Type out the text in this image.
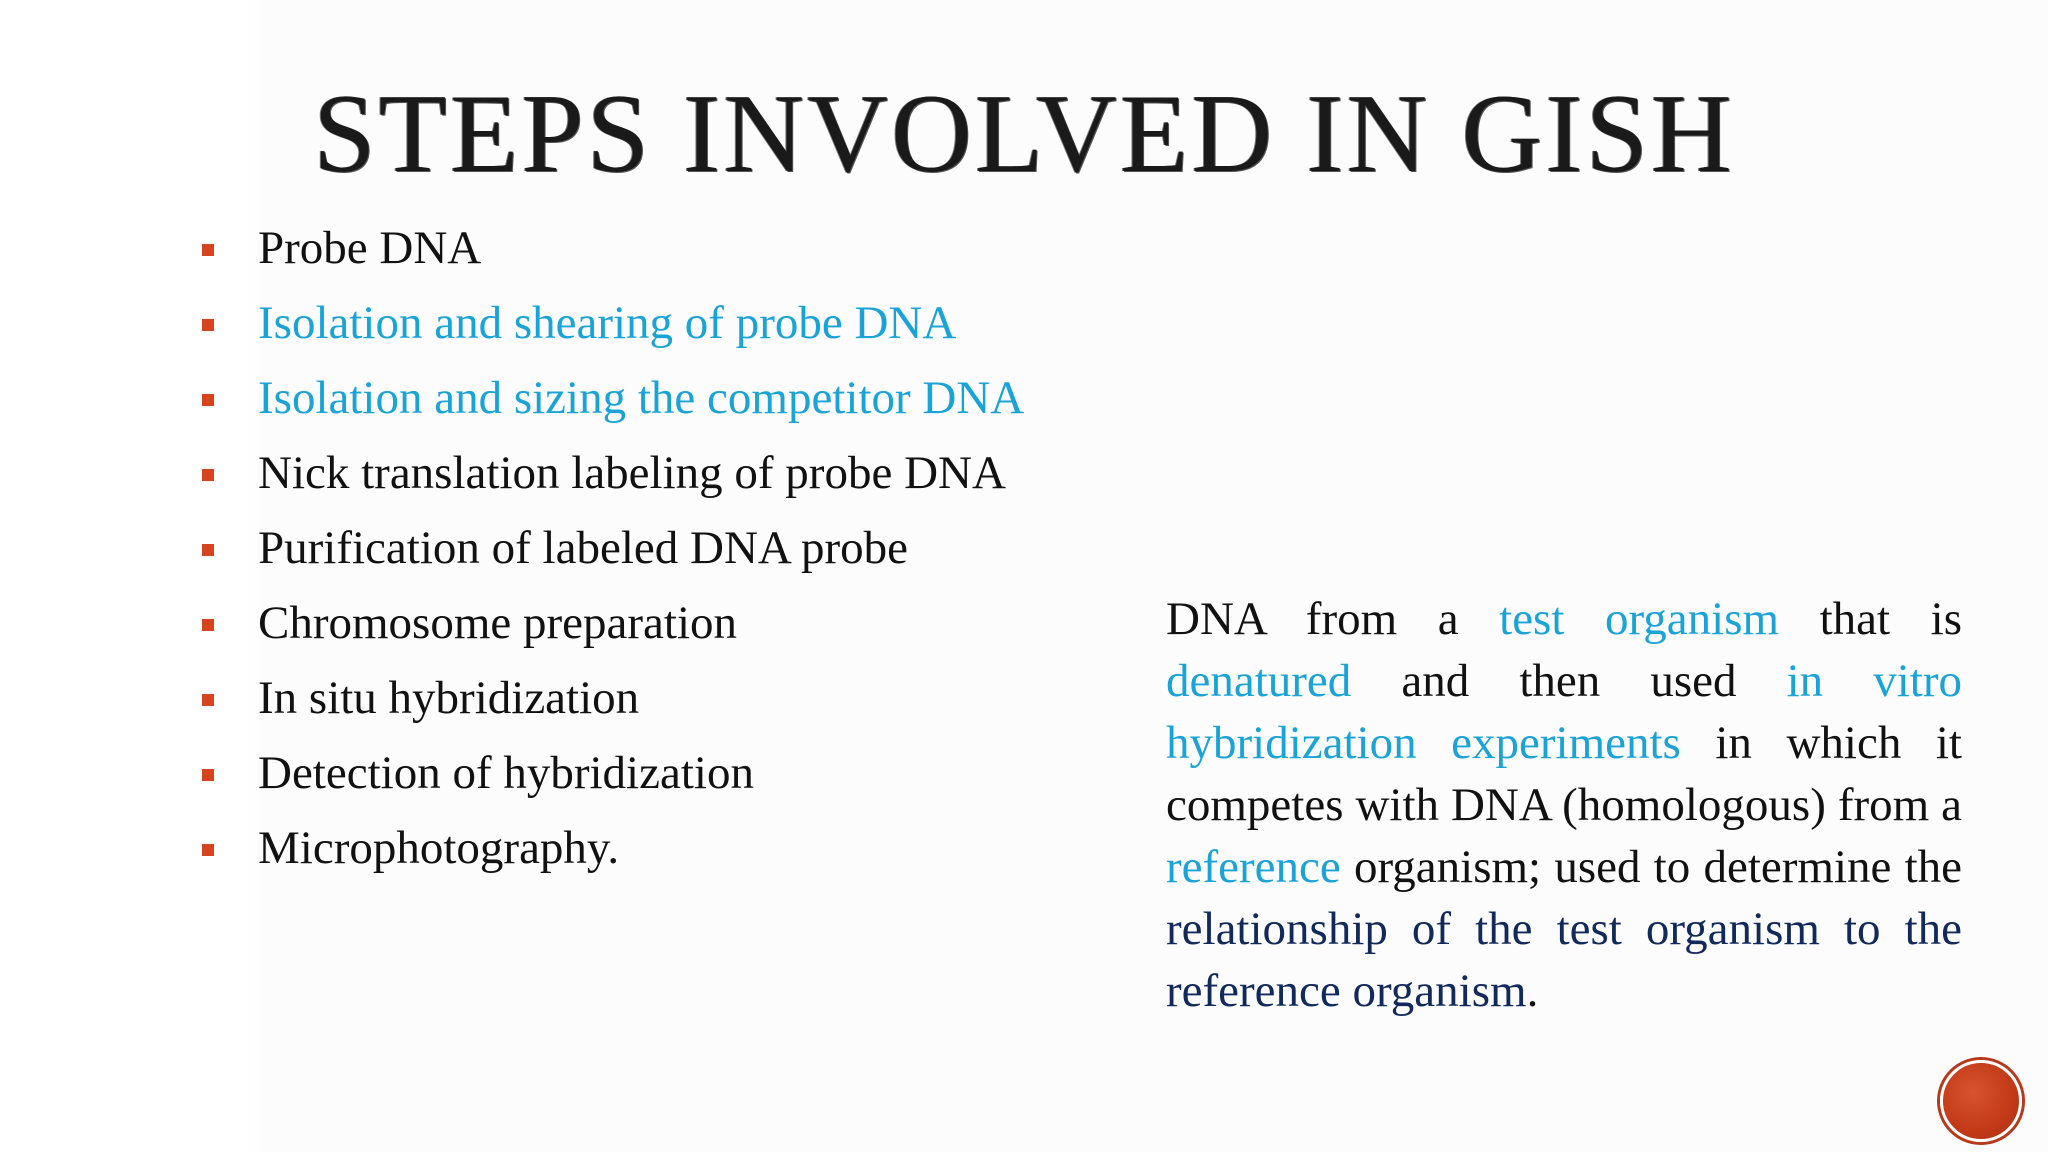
STEPS INVOLVED IN GISH
Probe DNA
Isolation and shearing of probe DNA
Isolation and sizing the competitor DNA
Nick translation labeling of probe DNA
Purification of labeled DNA probe
Chromosome preparation
In situ hybridization
Detection of hybridization
Microphotography.
DNA from a test organism that is denatured and then used in vitro hybridization experiments in which it competes with DNA (homologous) from a reference organism; used to determine the relationship of the test organism to the reference organism.
